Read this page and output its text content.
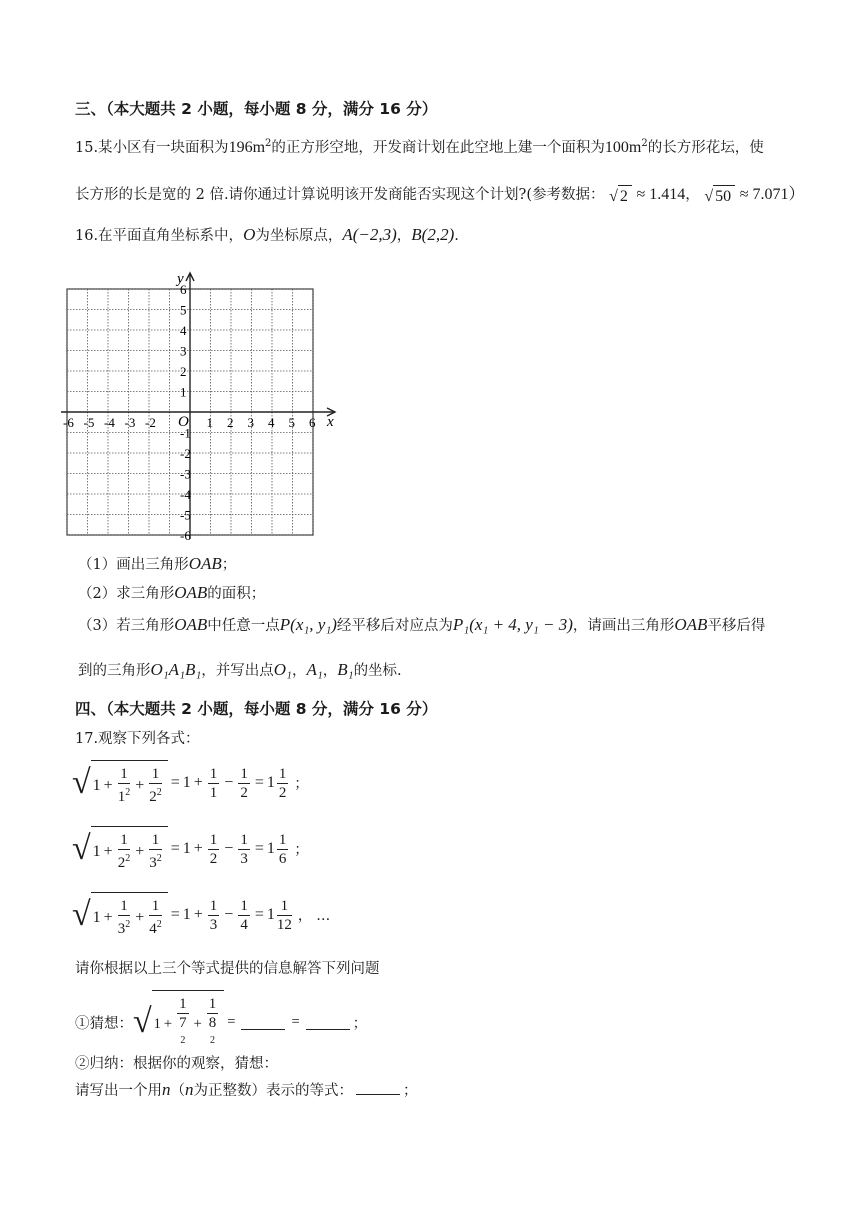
三、（本大题共 2 小题，每小题 8 分，满分 16 分）
15.某小区有一块面积为$196m^2$的正方形空地，开发商计划在此空地上建一个面积为$100m^2$的长方形花坛，使
长方形的长是宽的 2 倍.请你通过计算说明该开发商能否实现这个计划?(参考数据： √ 2 ≈ 1.414， √ 50 ≈ 7.071）
16.在平面直角坐标系中，O为坐标原点，A(−2,3)，B(2,2).
x
y
O
-6 -5 -4 -3 -2	1 2 3 4 5 6
6
5
4
3
2
1
-1
-2
-3
-4
-5
-6
（1）画出三角形OAB；
（2）求三角形OAB的面积；
（3）若三角形OAB中任意一点P(x₁, y₁)经平移后对应点为P₁(x₁ + 4, y₁ − 3)，请画出三角形OAB平移后得
到的三角形O₁A₁B₁，并写出点O₁，A₁，B₁的坐标.
四、（本大题共 2 小题，每小题 8 分，满分 16 分）
17.观察下列各式：
√ $1 + \frac{1}{1^2} + \frac{1}{2^2} = 1 + \frac{1}{1} - \frac{1}{2} = 1 \frac{1}{2}$ ；
√ $1 + \frac{1}{2^2} + \frac{1}{3^2} = 1 + \frac{1}{2} - \frac{1}{3} = 1 \frac{1}{6}$ ；
√ $1 + \frac{1}{3^2} + \frac{1}{4^2} = 1 + \frac{1}{3} - \frac{1}{4} = 1 \frac{1}{12}$ ， …
请你根据以上三个等式提供的信息解答下列问题
①猜想： √ 1 + 1
7
$^2$ + 1
8
$^2$ =	=	；
②归纳：根据你的观察，猜想：
请写出一个用n（n为正整数）表示的等式：	；
